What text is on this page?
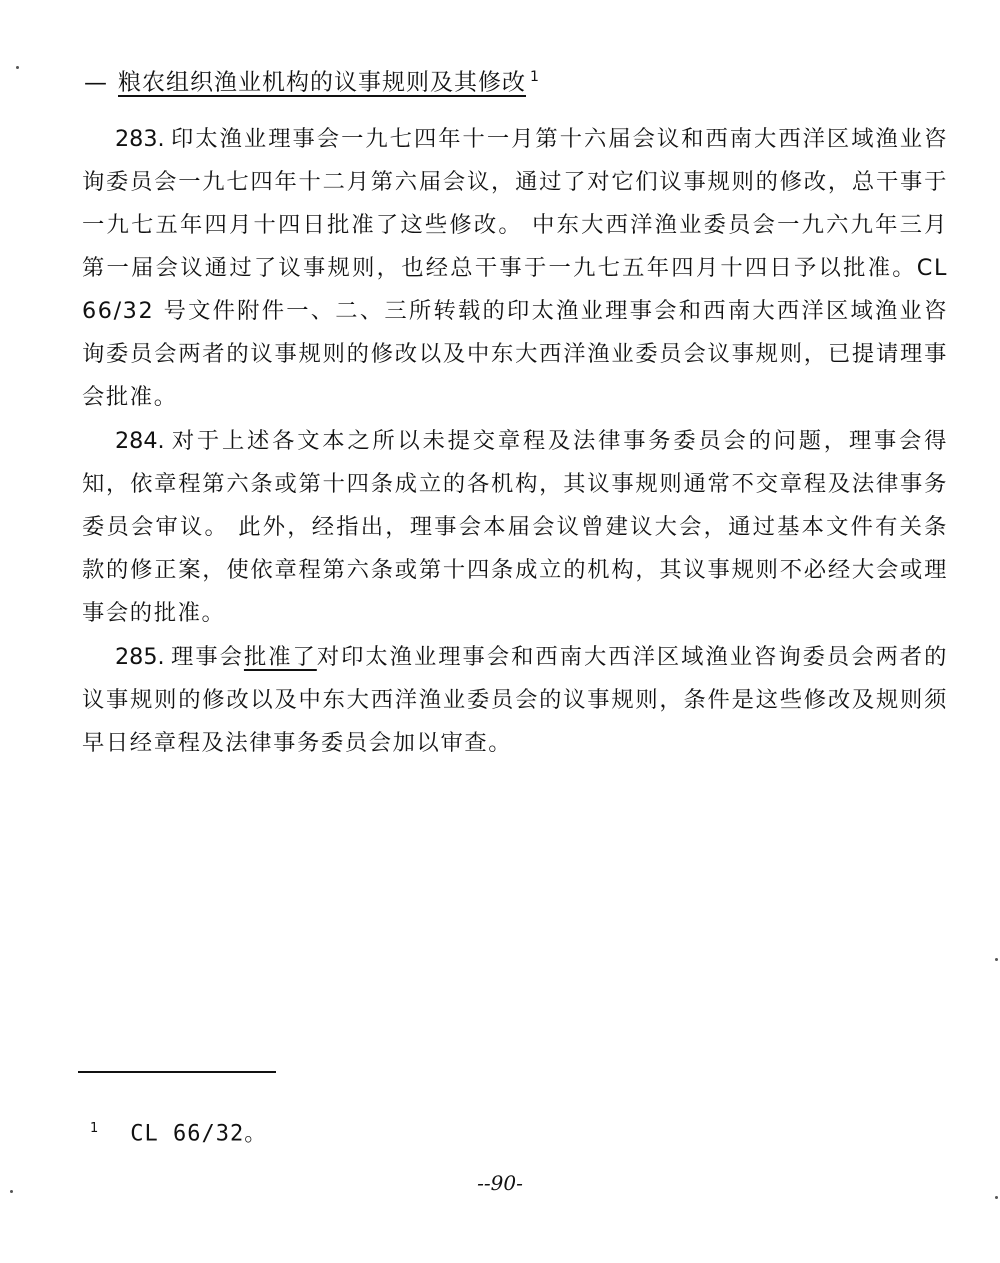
— 粮农组织渔业机构的议事规则及其修改 $^1$

283. 印太渔业理事会一九七四年十一月第十六届会议和西南大西洋区域渔业咨询委员会一九七四年十二月第六届会议，通过了对它们议事规则的修改，总干事于一九七五年四月十四日批准了这些修改。 中东大西洋渔业委员会一九六九年三月第一届会议通过了议事规则，也经总干事于一九七五年四月十四日予以批准。CL 66/32 号文件附件一、二、三所转载的印太渔业理事会和西南大西洋区域渔业咨询委员会两者的议事规则的修改以及中东大西洋渔业委员会议事规则，已提请理事会批准。

284. 对于上述各文本之所以未提交章程及法律事务委员会的问题，理事会得知，依章程第六条或第十四条成立的各机构，其议事规则通常不交章程及法律事务委员会审议。 此外，经指出，理事会本届会议曾建议大会，通过基本文件有关条款的修正案，使依章程第六条或第十四条成立的机构，其议事规则不必经大会或理事会的批准。

285. 理事会批准了对印太渔业理事会和西南大西洋区域渔业咨询委员会两者的议事规则的修改以及中东大西洋渔业委员会的议事规则，条件是这些修改及规则须早日经章程及法律事务委员会加以审查。

$^1$ CL 66/32。
--90-
